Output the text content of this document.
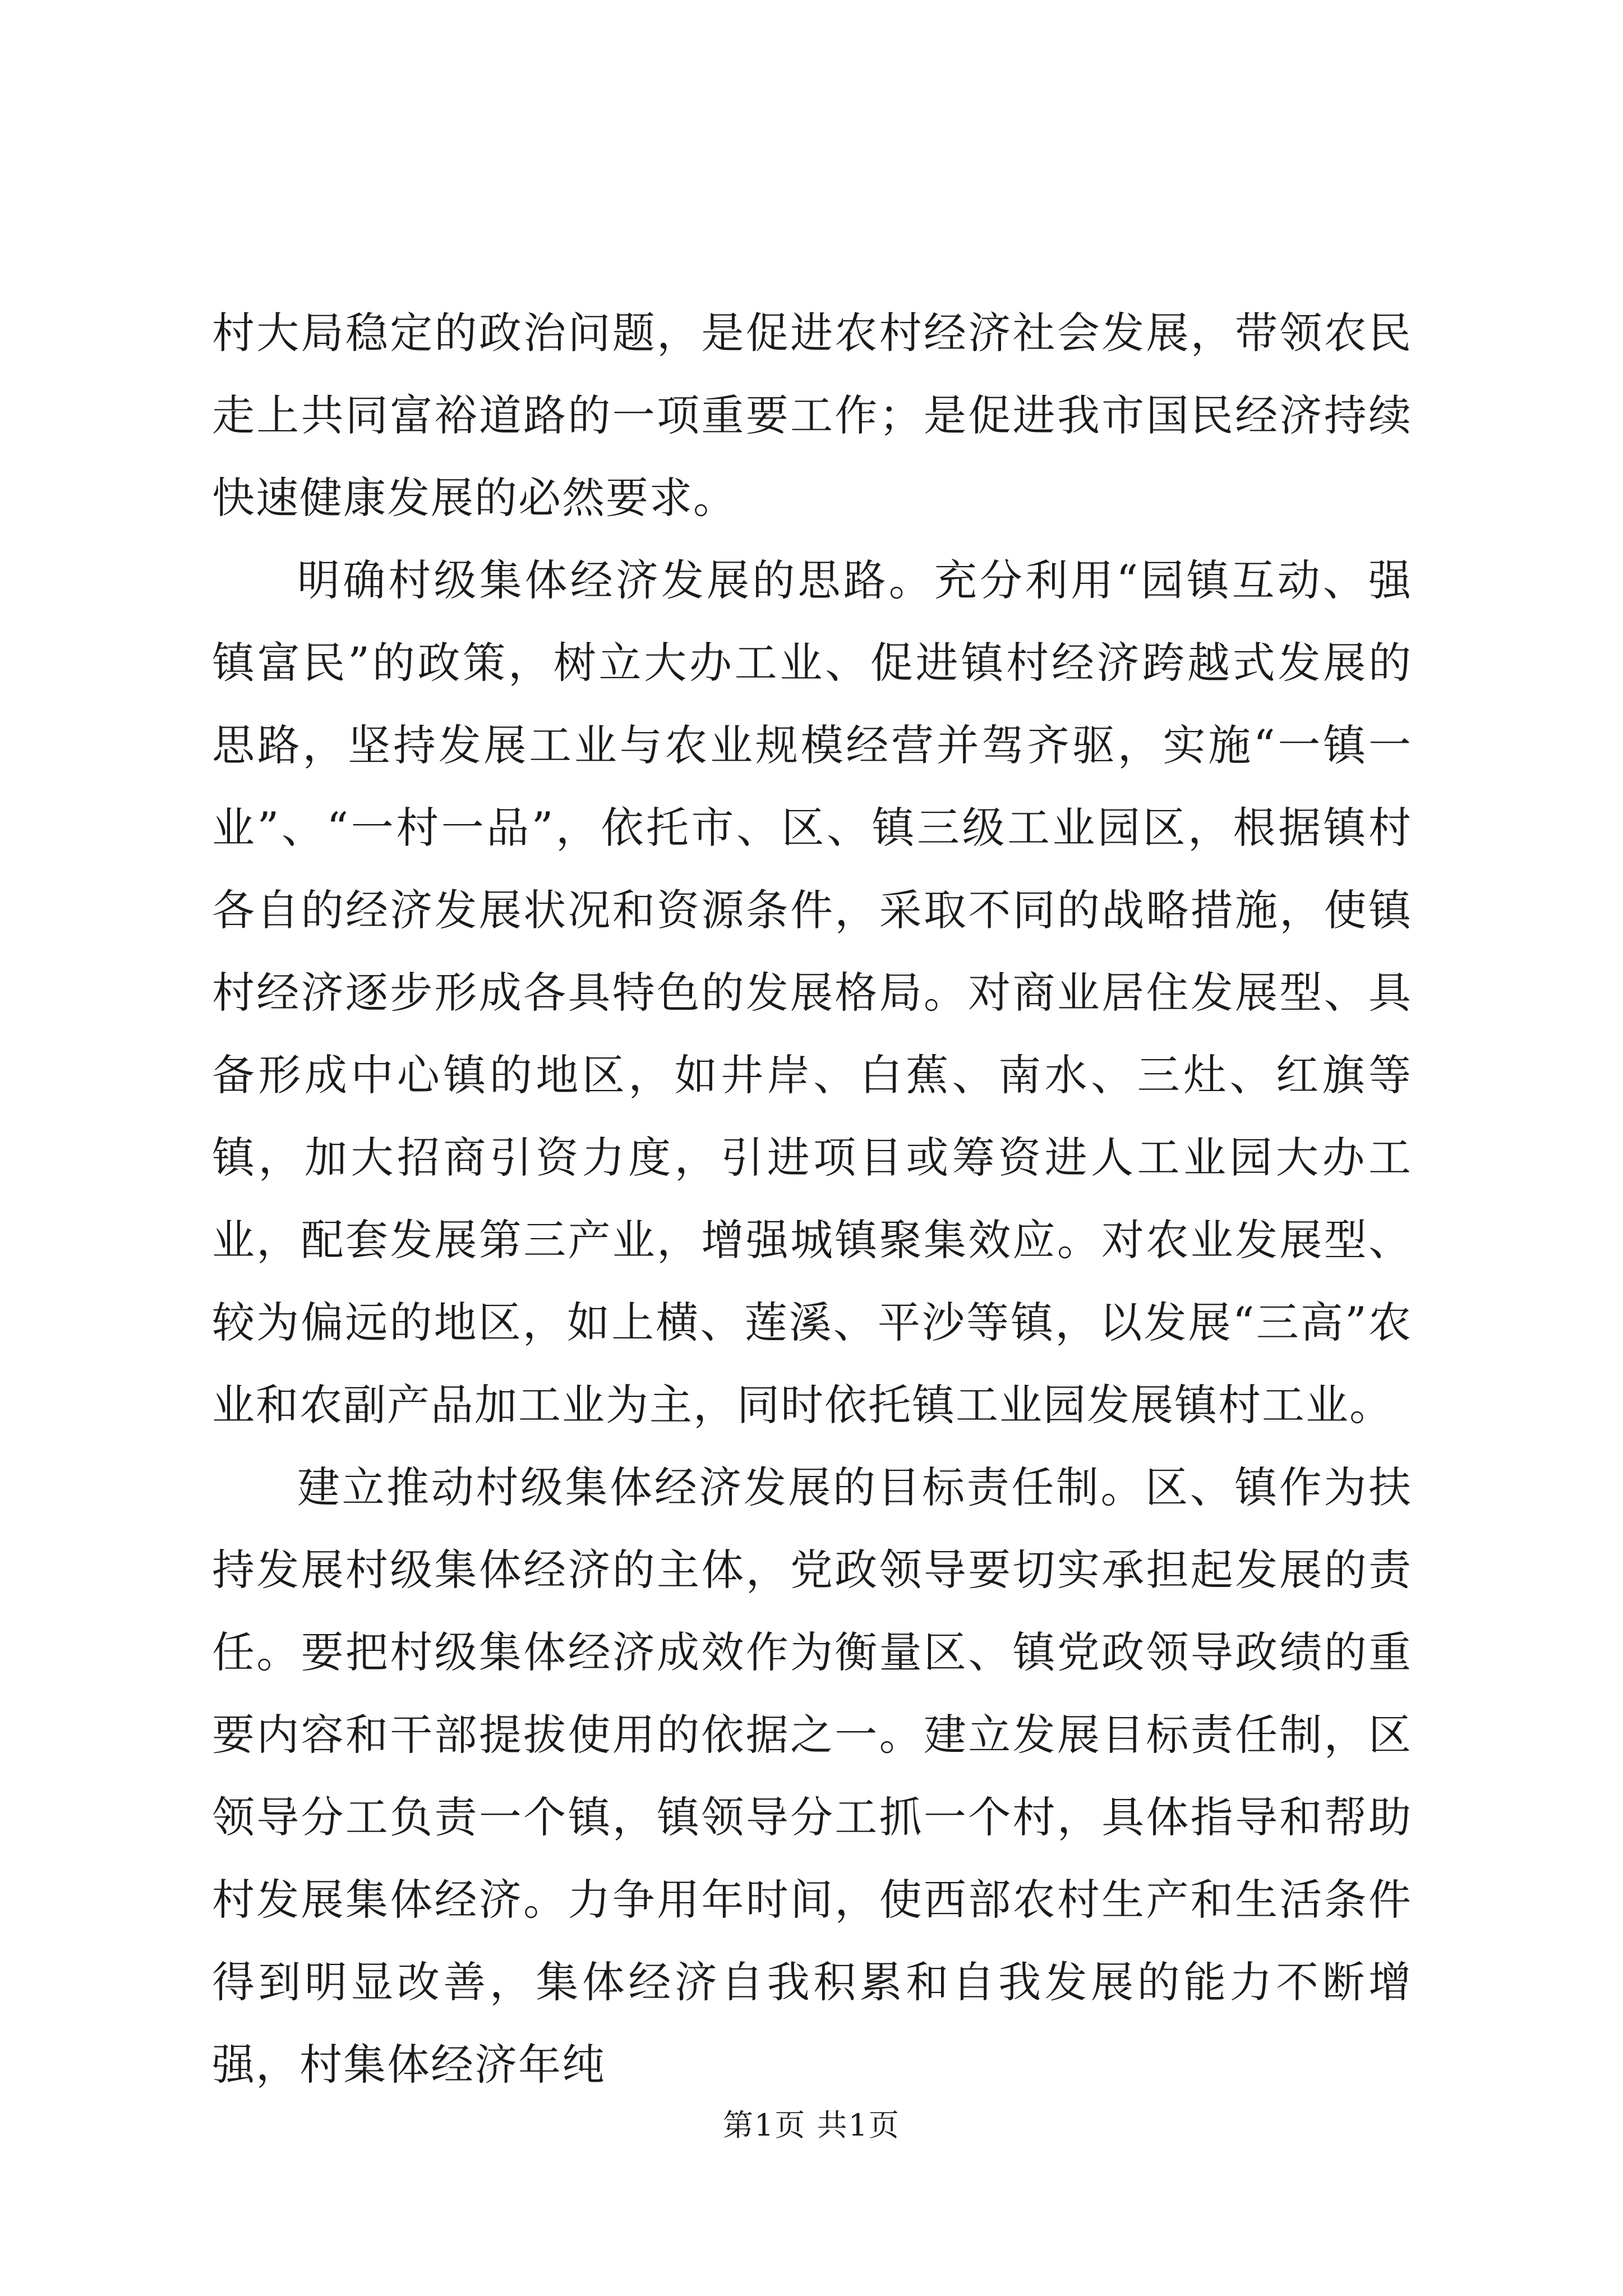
村大局稳定的政治问题，是促进农村经济社会发展，带领农民走上共同富裕道路的一项重要工作；是促进我市国民经济持续快速健康发展的必然要求。

明确村级集体经济发展的思路。充分利用“园镇互动、强镇富民”的政策，树立大办工业、促进镇村经济跨越式发展的思路，坚持发展工业与农业规模经营并驾齐驱，实施“一镇一业”、“一村一品”，依托市、区、镇三级工业园区，根据镇村各自的经济发展状况和资源条件，采取不同的战略措施，使镇村经济逐步形成各具特色的发展格局。对商业居住发展型、具备形成中心镇的地区，如井岸、白蕉、南水、三灶、红旗等镇，加大招商引资力度，引进项目或筹资进人工业园大办工业，配套发展第三产业，增强城镇聚集效应。对农业发展型、较为偏远的地区，如上横、莲溪、平沙等镇，以发展“三高”农业和农副产品加工业为主，同时依托镇工业园发展镇村工业。

建立推动村级集体经济发展的目标责任制。区、镇作为扶持发展村级集体经济的主体，党政领导要切实承担起发展的责任。要把村级集体经济成效作为衡量区、镇党政领导政绩的重要内容和干部提拔使用的依据之一。建立发展目标责任制，区领导分工负责一个镇，镇领导分工抓一个村，具体指导和帮助村发展集体经济。力争用年时间，使西部农村生产和生活条件得到明显改善，集体经济自我积累和自我发展的能力不断增强，村集体经济年纯

第1页 共1页
